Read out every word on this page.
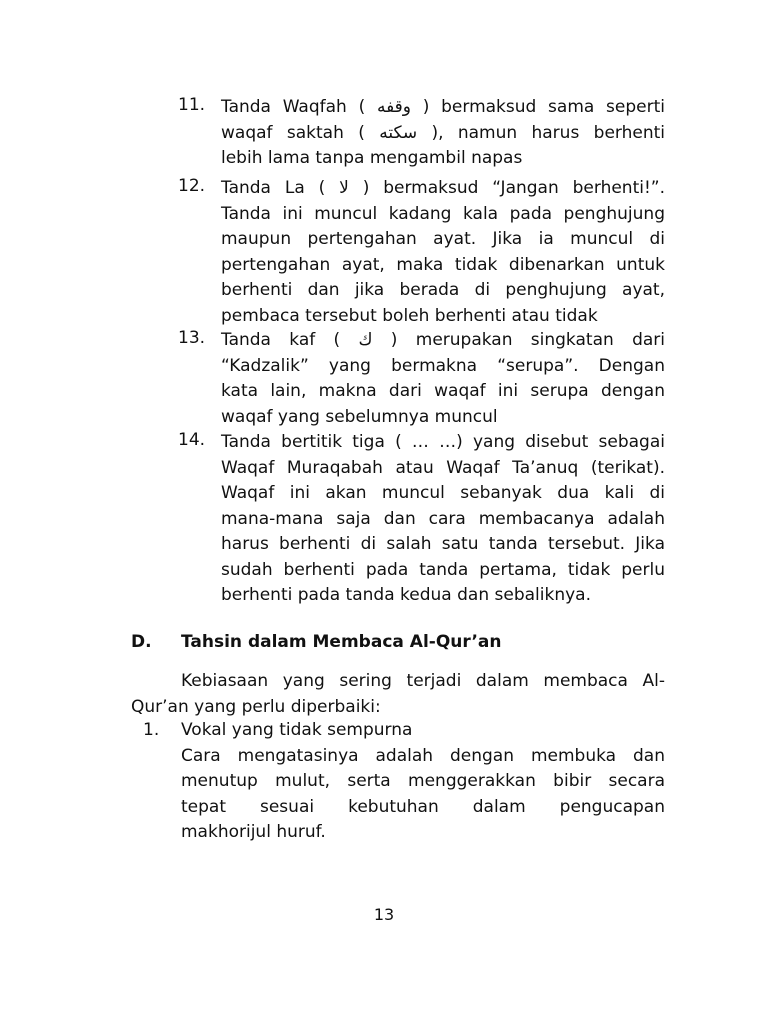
11. Tanda Waqfah ( وقفه ) bermaksud sama seperti
waqaf saktah ( سكته ), namun harus berhenti
lebih lama tanpa mengambil napas
12. Tanda La ( لا ) bermaksud “Jangan berhenti!”.
Tanda ini muncul kadang kala pada penghujung
maupun pertengahan ayat. Jika ia muncul di
pertengahan ayat, maka tidak dibenarkan untuk
berhenti dan jika berada di penghujung ayat,
pembaca tersebut boleh berhenti atau tidak
13. Tanda kaf ( ك ) merupakan singkatan dari
“Kadzalik” yang bermakna “serupa”. Dengan
kata lain, makna dari waqaf ini serupa dengan
waqaf yang sebelumnya muncul
14. Tanda bertitik tiga ( … …) yang disebut sebagai
Waqaf Muraqabah atau Waqaf Ta’anuq (terikat).
Waqaf ini akan muncul sebanyak dua kali di
mana-mana saja dan cara membacanya adalah
harus berhenti di salah satu tanda tersebut. Jika
sudah berhenti pada tanda pertama, tidak perlu
berhenti pada tanda kedua dan sebaliknya.
D. Tahsin dalam Membaca Al-Qur’an
Kebiasaan yang sering terjadi dalam membaca Al-
Qur’an yang perlu diperbaiki:
1. Vokal yang tidak sempurna
Cara mengatasinya adalah dengan membuka dan
menutup mulut, serta menggerakkan bibir secara
tepat sesuai kebutuhan dalam pengucapan
makhorijul huruf.
13
